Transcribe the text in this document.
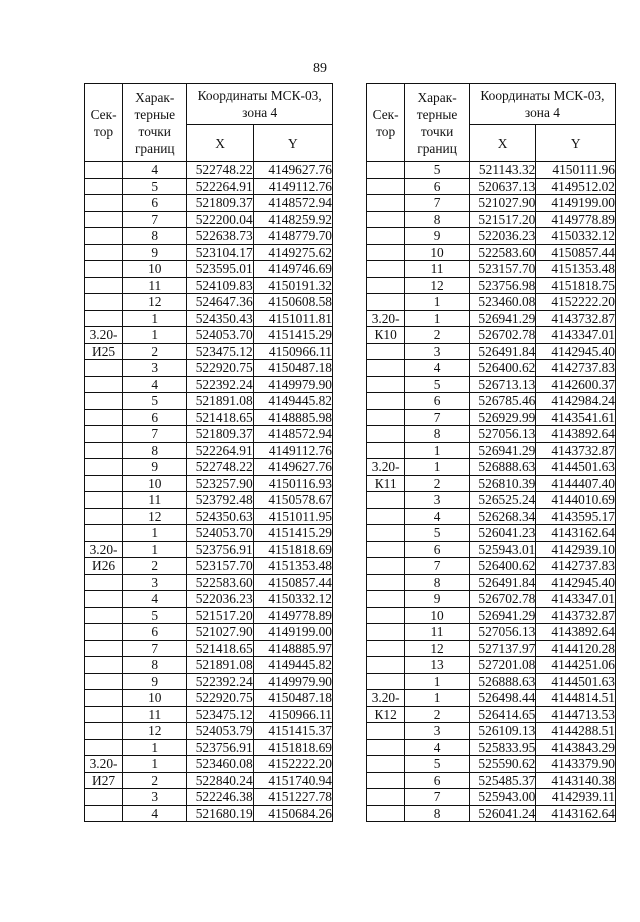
89
Сек-тор	Харак-терные точки границ	Координаты МСК-03, зона 4	
		X	Y
	4	522748.22	4149627.76
	5	522264.91	4149112.76
	6	521809.37	4148572.94
	7	522200.04	4148259.92
	8	522638.73	4148779.70
	9	523104.17	4149275.62
	10	523595.01	4149746.69
	11	524109.83	4150191.32
	12	524647.36	4150608.58
	1	524350.43	4151011.81
3.20-	1	524053.70	4151415.29
И25	2	523475.12	4150966.11
	3	522920.75	4150487.18
	4	522392.24	4149979.90
	5	521891.08	4149445.82
	6	521418.65	4148885.98
	7	521809.37	4148572.94
	8	522264.91	4149112.76
	9	522748.22	4149627.76
	10	523257.90	4150116.93
	11	523792.48	4150578.67
	12	524350.63	4151011.95
	1	524053.70	4151415.29
3.20-	1	523756.91	4151818.69
И26	2	523157.70	4151353.48
	3	522583.60	4150857.44
	4	522036.23	4150332.12
	5	521517.20	4149778.89
	6	521027.90	4149199.00
	7	521418.65	4148885.97
	8	521891.08	4149445.82
	9	522392.24	4149979.90
	10	522920.75	4150487.18
	11	523475.12	4150966.11
	12	524053.79	4151415.37
	1	523756.91	4151818.69
3.20-	1	523460.08	4152222.20
И27	2	522840.24	4151740.94
	3	522246.38	4151227.78
	4	521680.19	4150684.26
Сек-тор	Харак-терные точки границ	Координаты МСК-03, зона 4	
		X	Y
	5	521143.32	4150111.96
	6	520637.13	4149512.02
	7	521027.90	4149199.00
	8	521517.20	4149778.89
	9	522036.23	4150332.12
	10	522583.60	4150857.44
	11	523157.70	4151353.48
	12	523756.98	4151818.75
	1	523460.08	4152222.20
3.20-	1	526941.29	4143732.87
К10	2	526702.78	4143347.01
	3	526491.84	4142945.40
	4	526400.62	4142737.83
	5	526713.13	4142600.37
	6	526785.46	4142984.24
	7	526929.99	4143541.61
	8	527056.13	4143892.64
	1	526941.29	4143732.87
3.20-	1	526888.63	4144501.63
К11	2	526810.39	4144407.40
	3	526525.24	4144010.69
	4	526268.34	4143595.17
	5	526041.23	4143162.64
	6	525943.01	4142939.10
	7	526400.62	4142737.83
	8	526491.84	4142945.40
	9	526702.78	4143347.01
	10	526941.29	4143732.87
	11	527056.13	4143892.64
	12	527137.97	4144120.28
	13	527201.08	4144251.06
	1	526888.63	4144501.63
3.20-	1	526498.44	4144814.51
К12	2	526414.65	4144713.53
	3	526109.13	4144288.51
	4	525833.95	4143843.29
	5	525590.62	4143379.90
	6	525485.37	4143140.38
	7	525943.00	4142939.11
	8	526041.24	4143162.64
